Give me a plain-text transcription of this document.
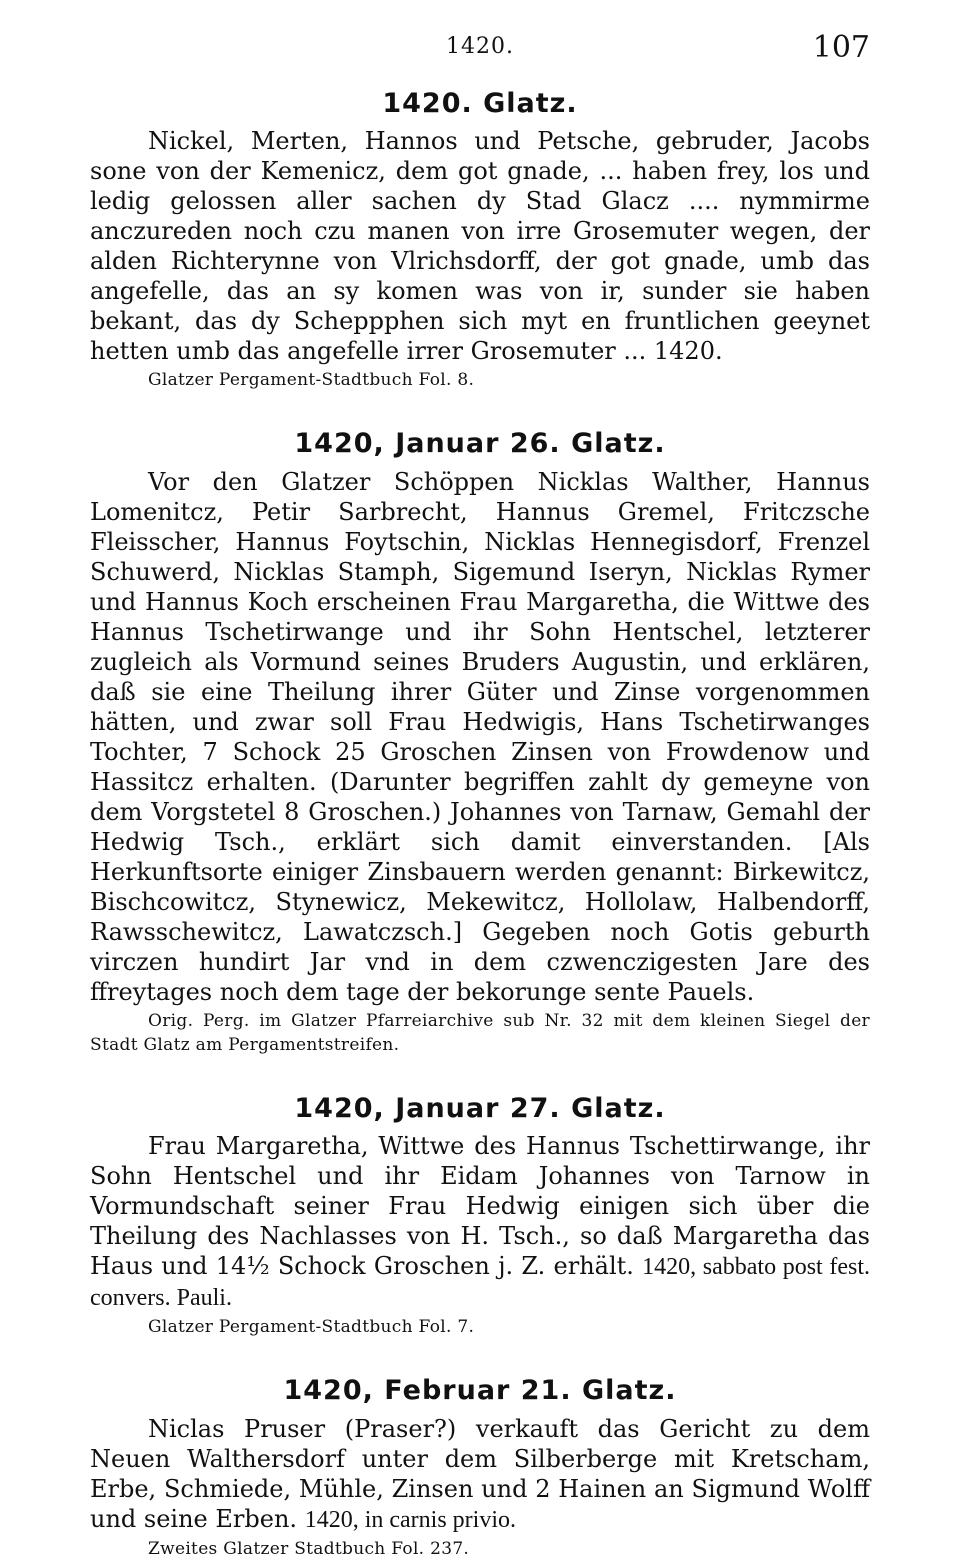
1420.	107
1420. Glatz.

Nickel, Merten, Hannos und Petsche, gebruder, Jacobs sone von der Kemenicz, dem got gnade, ... haben frey, los und ledig gelossen aller sachen dy Stad Glacz .... nymmirme anczureden noch czu manen von irre Grosemuter wegen, der alden Richterynne von Vlrichsdorff, der got gnade, umb das angefelle, das an sy komen was von ir, sunder sie haben bekant, das dy Scheppphen sich myt en fruntlichen geeynet hetten umb das angefelle irrer Grosemuter ... 1420.

Glatzer Pergament-Stadtbuch Fol. 8.

1420, Januar 26. Glatz.

Vor den Glatzer Schöppen Nicklas Walther, Hannus Lomenitcz, Petir Sarbrecht, Hannus Gremel, Fritczsche Fleisscher, Hannus Foytschin, Nicklas Hennegisdorf, Frenzel Schuwerd, Nicklas Stamph, Sigemund Iseryn, Nicklas Rymer und Hannus Koch erscheinen Frau Margaretha, die Wittwe des Hannus Tschetirwange und ihr Sohn Hentschel, letzterer zugleich als Vormund seines Bruders Augustin, und erklären, daß sie eine Theilung ihrer Güter und Zinse vorgenommen hätten, und zwar soll Frau Hedwigis, Hans Tschetirwanges Tochter, 7 Schock 25 Groschen Zinsen von Frowdenow und Hassitcz erhalten. (Darunter begriffen zahlt dy gemeyne von dem Vorgstetel 8 Groschen.) Johannes von Tarnaw, Gemahl der Hedwig Tsch., erklärt sich damit einverstanden. [Als Herkunftsorte einiger Zinsbauern werden genannt: Birkewitcz, Bischcowitcz, Stynewicz, Mekewitcz, Hollolaw, Halbendorff, Rawsschewitcz, Lawatczsch.] Gegeben noch Gotis geburth virczen hundirt Jar vnd in dem czwenczigesten Jare des ffreytages noch dem tage der bekorunge sente Pauels.

Orig. Perg. im Glatzer Pfarreiarchive sub Nr. 32 mit dem kleinen Siegel der Stadt Glatz am Pergamentstreifen.

1420, Januar 27. Glatz.

Frau Margaretha, Wittwe des Hannus Tschettirwange, ihr Sohn Hentschel und ihr Eidam Johannes von Tarnow in Vormundschaft seiner Frau Hedwig einigen sich über die Theilung des Nachlasses von H. Tsch., so daß Margaretha das Haus und 14½ Schock Groschen j. Z. erhält. 1420, sabbato post fest. convers. Pauli.

Glatzer Pergament-Stadtbuch Fol. 7.

1420, Februar 21. Glatz.

Niclas Pruser (Praser?) verkauft das Gericht zu dem Neuen Walthersdorf unter dem Silberberge mit Kretscham, Erbe, Schmiede, Mühle, Zinsen und 2 Hainen an Sigmund Wolff und seine Erben. 1420, in carnis privio.

Zweites Glatzer Stadtbuch Fol. 237.
